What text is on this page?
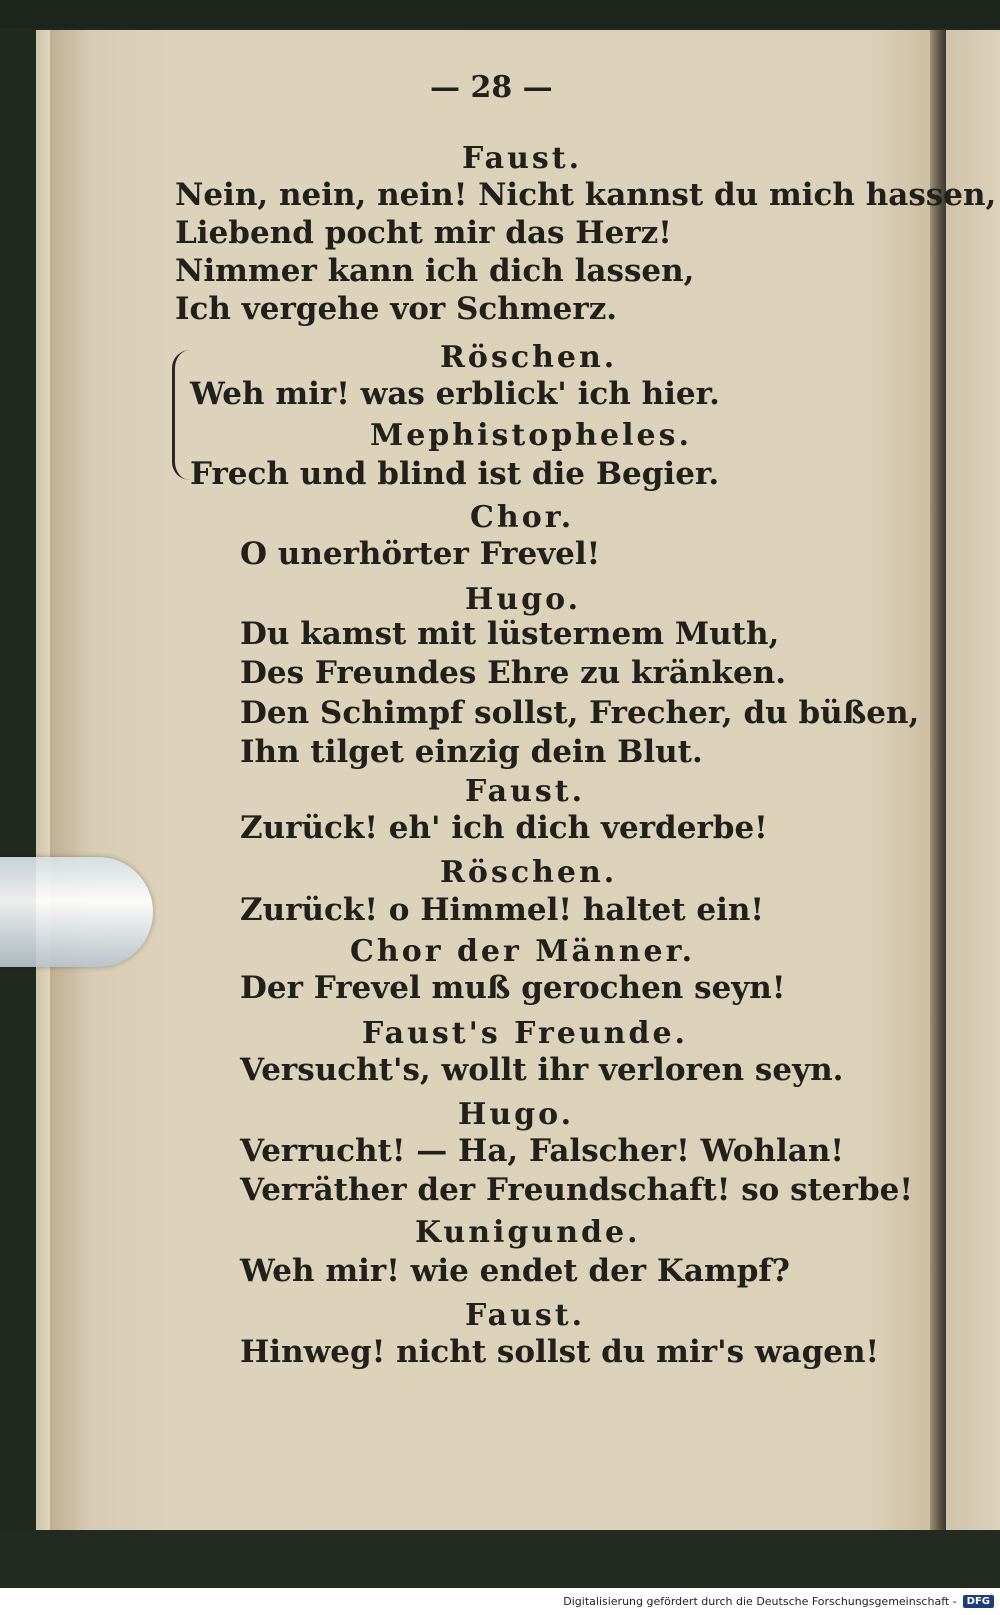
— 28 —
Faust.
Nein, nein, nein! Nicht kannst du mich hassen,
Liebend pocht mir das Herz!
Nimmer kann ich dich lassen,
Ich vergehe vor Schmerz.
Röschen.
Weh mir! was erblick' ich hier.
Mephistopheles.
Frech und blind ist die Begier.
Chor.
O unerhörter Frevel!
Hugo.
Du kamst mit lüsternem Muth,
Des Freundes Ehre zu kränken.
Den Schimpf sollst, Frecher, du büßen,
Ihn tilget einzig dein Blut.
Faust.
Zurück! eh' ich dich verderbe!
Röschen.
Zurück! o Himmel! haltet ein!
Chor der Männer.
Der Frevel muß gerochen seyn!
Faust's Freunde.
Versucht's, wollt ihr verloren seyn.
Hugo.
Verrucht! — Ha, Falscher! Wohlan!
Verräther der Freundschaft! so sterbe!
Kunigunde.
Weh mir! wie endet der Kampf?
Faust.
Hinweg! nicht sollst du mir's wagen!
Digitalisierung gefördert durch die Deutsche Forschungsgemeinschaft -	DFG
